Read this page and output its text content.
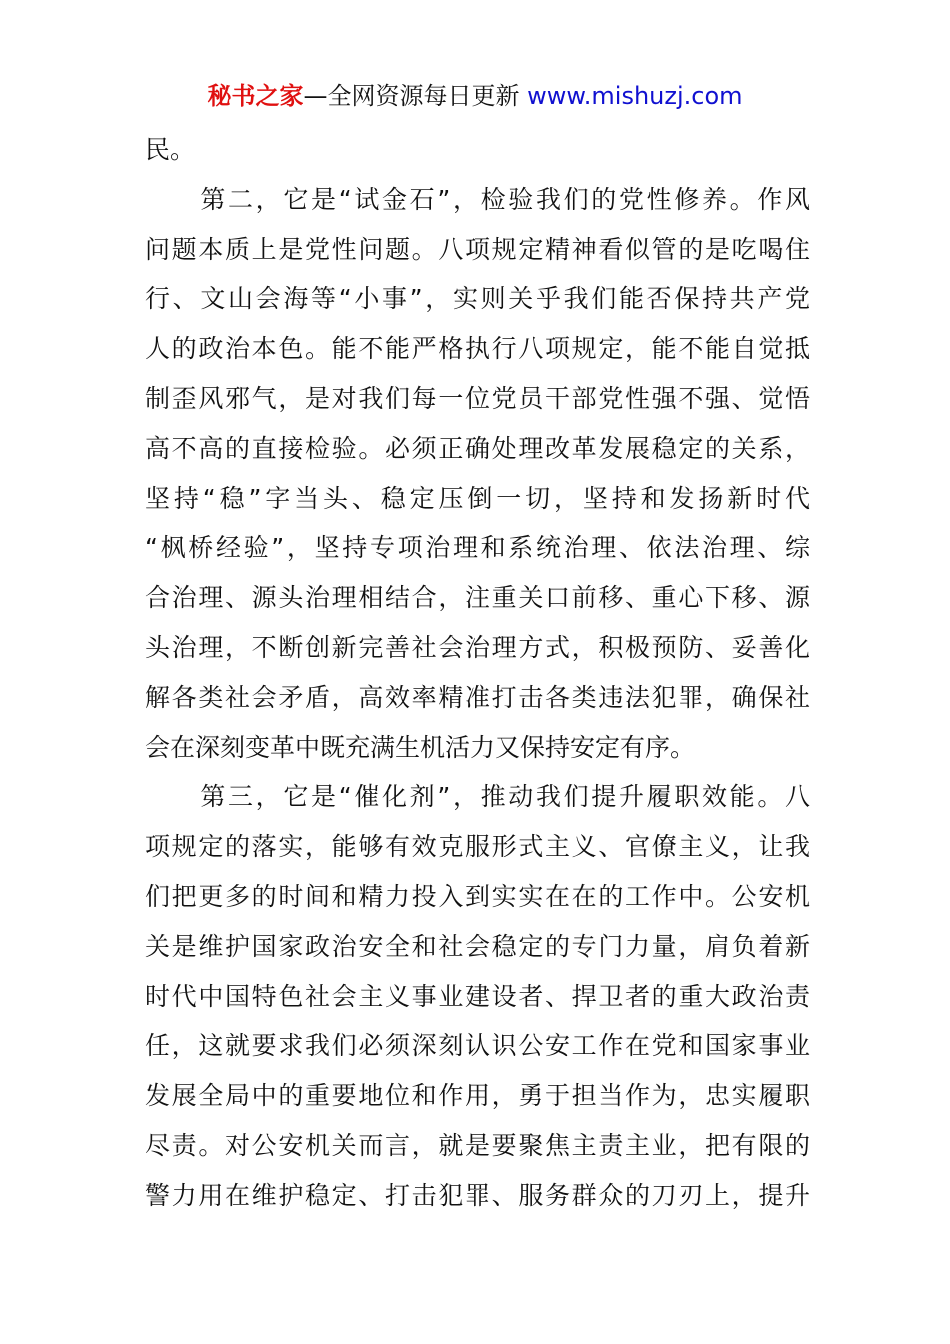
秘书之家—全网资源每日更新 www.mishuzj.com
民。
　　第二，它是“试金石”，检验我们的党性修养。作风
问题本质上是党性问题。八项规定精神看似管的是吃喝住
行、文山会海等“小事”，实则关乎我们能否保持共产党
人的政治本色。能不能严格执行八项规定，能不能自觉抵
制歪风邪气，是对我们每一位党员干部党性强不强、觉悟
高不高的直接检验。必须正确处理改革发展稳定的关系，
坚持“稳”字当头、稳定压倒一切，坚持和发扬新时代
“枫桥经验”，坚持专项治理和系统治理、依法治理、综
合治理、源头治理相结合，注重关口前移、重心下移、源
头治理，不断创新完善社会治理方式，积极预防、妥善化
解各类社会矛盾，高效率精准打击各类违法犯罪，确保社
会在深刻变革中既充满生机活力又保持安定有序。
　　第三，它是“催化剂”，推动我们提升履职效能。八
项规定的落实，能够有效克服形式主义、官僚主义，让我
们把更多的时间和精力投入到实实在在的工作中。公安机
关是维护国家政治安全和社会稳定的专门力量，肩负着新
时代中国特色社会主义事业建设者、捍卫者的重大政治责
任，这就要求我们必须深刻认识公安工作在党和国家事业
发展全局中的重要地位和作用，勇于担当作为，忠实履职
尽责。对公安机关而言，就是要聚焦主责主业，把有限的
警力用在维护稳定、打击犯罪、服务群众的刀刃上，提升
